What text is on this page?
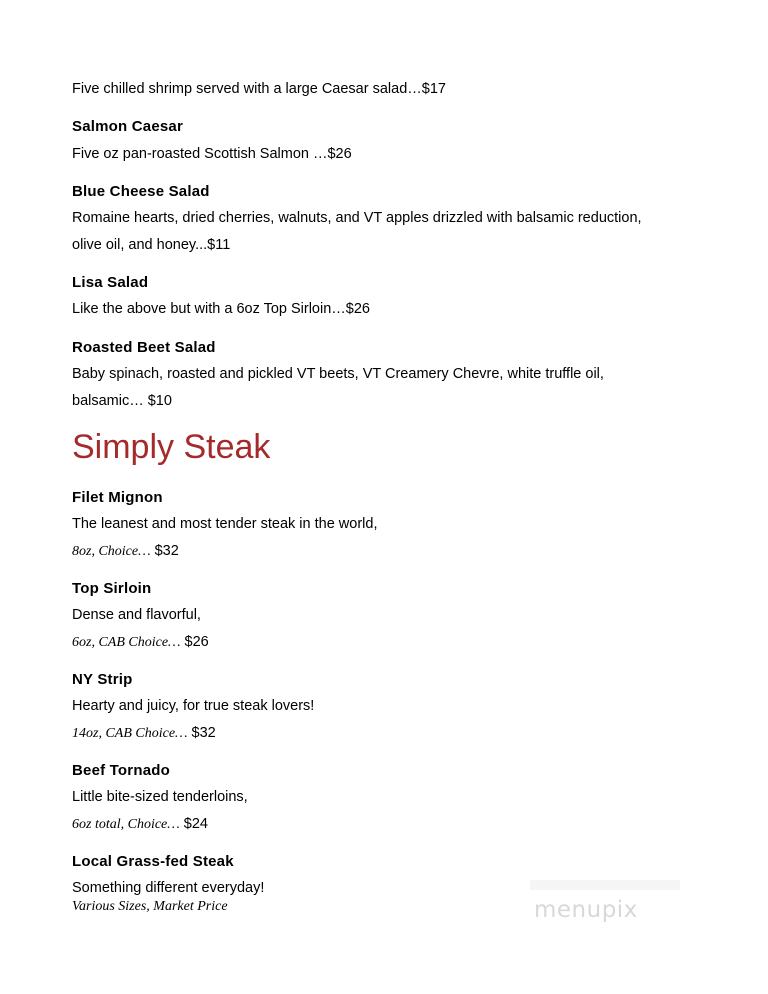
Five chilled shrimp served with a large Caesar salad…$17
Salmon Caesar
Five oz pan-roasted Scottish Salmon …$26
Blue Cheese Salad
Romaine hearts, dried cherries, walnuts, and VT apples drizzled with balsamic reduction,
olive oil, and honey...$11
Lisa Salad
Like the above but with a 6oz Top Sirloin…$26
Roasted Beet Salad
Baby spinach, roasted and pickled VT beets, VT Creamery Chevre, white truffle oil,
balsamic… $10
Simply Steak
Filet Mignon
The leanest and most tender steak in the world,
8oz, Choice… $32
Top Sirloin
Dense and flavorful,
6oz, CAB Choice… $26
NY Strip
Hearty and juicy, for true steak lovers!
14oz, CAB Choice… $32
Beef Tornado
Little bite-sized tenderloins,
6oz total, Choice… $24
Local Grass-fed Steak
Something different everyday!
Various Sizes, Market Price	menupix
